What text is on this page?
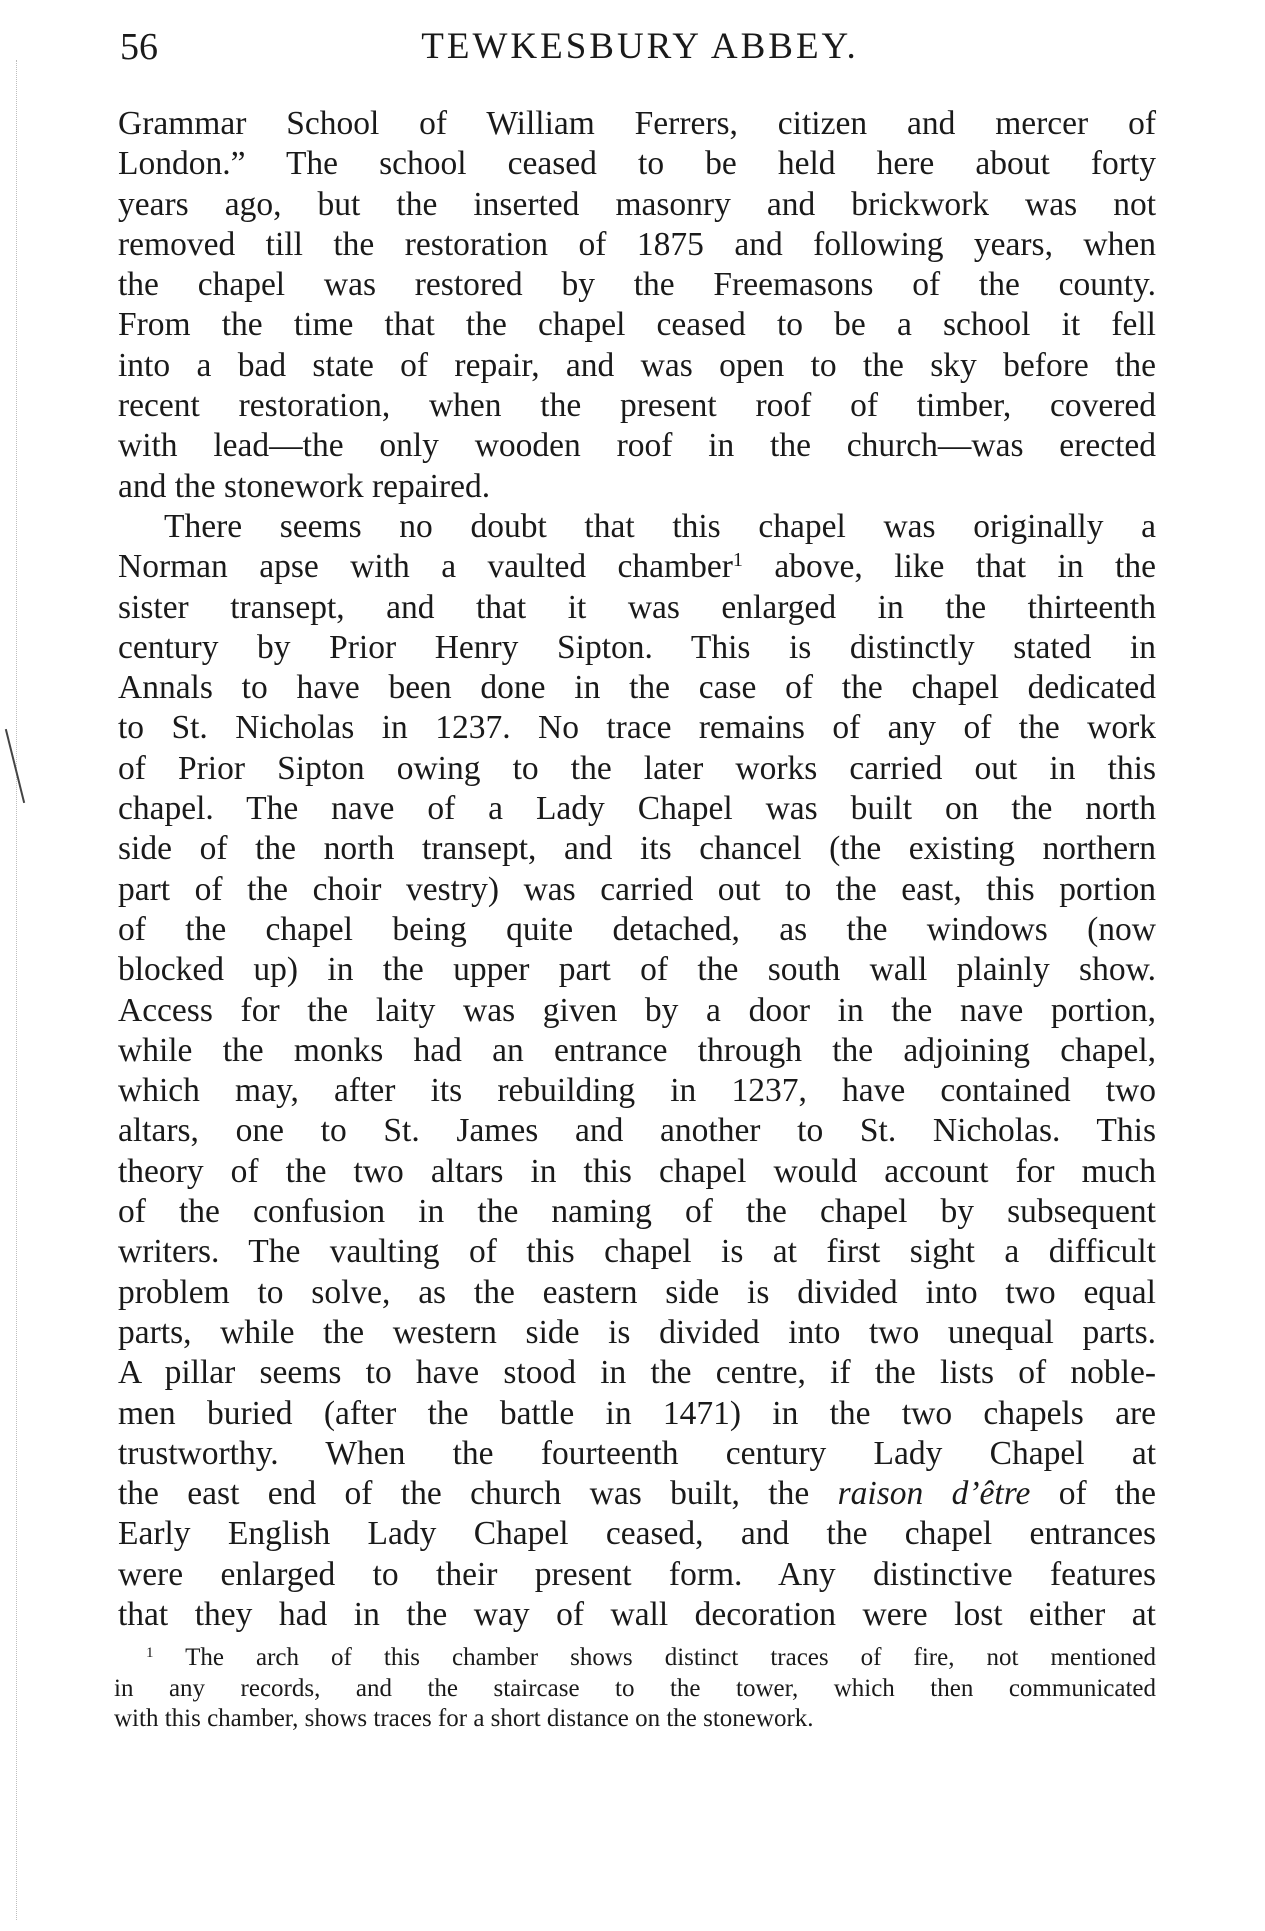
56	TEWKESBURY ABBEY.
Grammar School of William Ferrers, citizen and mercer of
London.” The school ceased to be held here about forty
years ago, but the inserted masonry and brickwork was not
removed till the restoration of 1875 and following years, when
the chapel was restored by the Freemasons of the county.
From the time that the chapel ceased to be a school it fell
into a bad state of repair, and was open to the sky before the
recent restoration, when the present roof of timber, covered
with lead—the only wooden roof in the church—was erected
and the stonework repaired.
There seems no doubt that this chapel was originally a
Norman apse with a vaulted chamber$^1$ above, like that in the
sister transept, and that it was enlarged in the thirteenth
century by Prior Henry Sipton. This is distinctly stated in
Annals to have been done in the case of the chapel dedicated
to St. Nicholas in 1237. No trace remains of any of the work
of Prior Sipton owing to the later works carried out in this
chapel. The nave of a Lady Chapel was built on the north
side of the north transept, and its chancel (the existing northern
part of the choir vestry) was carried out to the east, this portion
of the chapel being quite detached, as the windows (now
blocked up) in the upper part of the south wall plainly show.
Access for the laity was given by a door in the nave portion,
while the monks had an entrance through the adjoining chapel,
which may, after its rebuilding in 1237, have contained two
altars, one to St. James and another to St. Nicholas. This
theory of the two altars in this chapel would account for much
of the confusion in the naming of the chapel by subsequent
writers. The vaulting of this chapel is at first sight a difficult
problem to solve, as the eastern side is divided into two equal
parts, while the western side is divided into two unequal parts.
A pillar seems to have stood in the centre, if the lists of noble-
men buried (after the battle in 1471) in the two chapels are
trustworthy. When the fourteenth century Lady Chapel at
the east end of the church was built, the raison d’être of the
Early English Lady Chapel ceased, and the chapel entrances
were enlarged to their present form. Any distinctive features
that they had in the way of wall decoration were lost either at
$^1$ The arch of this chamber shows distinct traces of fire, not mentioned
in any records, and the staircase to the tower, which then communicated
with this chamber, shows traces for a short distance on the stonework.
